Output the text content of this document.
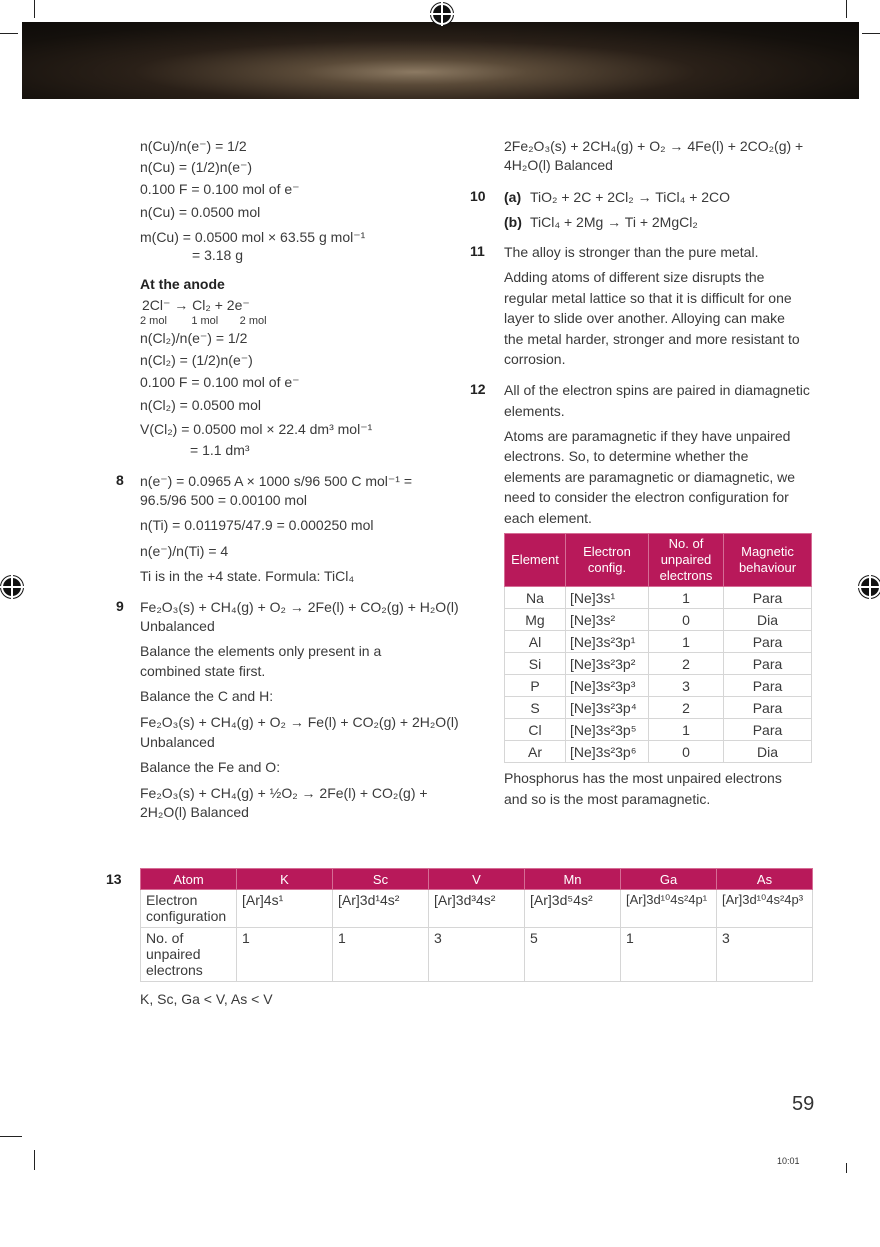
n(Cu)/n(e⁻) = 1/2
n(Cu) = (1/2)n(e⁻)
0.100 F = 0.100 mol of e⁻
n(Cu) = 0.0500 mol
m(Cu) = 0.0500 mol × 63.55 g mol⁻¹
= 3.18 g
At the anode
2Cl⁻ → Cl₂ + 2e⁻
2 mol        1 mol       2 mol
n(Cl₂)/n(e⁻) = 1/2
n(Cl₂) = (1/2)n(e⁻)
0.100 F = 0.100 mol of e⁻
n(Cl₂) = 0.0500 mol
V(Cl₂) = 0.0500 mol × 22.4 dm³ mol⁻¹
= 1.1 dm³
8 n(e⁻) = 0.0965 A × 1000 s/96 500 C mol⁻¹ =
96.5/96 500 = 0.00100 mol
n(Ti) = 0.011975/47.9 = 0.000250 mol
n(e⁻)/n(Ti) = 4
Ti is in the +4 state. Formula: TiCl₄
9 Fe₂O₃(s) + CH₄(g) + O₂ → 2Fe(l) + CO₂(g) + H₂O(l)
Unbalanced
Balance the elements only present in a
combined state first.
Balance the C and H:
Fe₂O₃(s) + CH₄(g) + O₂ → Fe(l) + CO₂(g) + 2H₂O(l)
Unbalanced
Balance the Fe and O:
Fe₂O₃(s) + CH₄(g) + ½O₂ → 2Fe(l) + CO₂(g) +
2H₂O(l) Balanced
2Fe₂O₃(s) + 2CH₄(g) + O₂ → 4Fe(l) + 2CO₂(g) +
4H₂O(l) Balanced
10 (a) TiO₂ + 2C + 2Cl₂ → TiCl₄ + 2CO
(b) TiCl₄ + 2Mg → Ti + 2MgCl₂
11 The alloy is stronger than the pure metal.
Adding atoms of different size disrupts the
regular metal lattice so that it is difficult for one
layer to slide over another. Alloying can make
the metal harder, stronger and more resistant to
corrosion.
12 All of the electron spins are paired in diamagnetic
elements.
Atoms are paramagnetic if they have unpaired
electrons. So, to determine whether the
elements are paramagnetic or diamagnetic, we
need to consider the electron configuration for
each element.
Element	Electron config.	No. of unpaired electrons	Magnetic behaviour
Na	[Ne]3s¹	1	Para
Mg	[Ne]3s²	0	Dia
Al	[Ne]3s²3p¹	1	Para
Si	[Ne]3s²3p²	2	Para
P	[Ne]3s²3p³	3	Para
S	[Ne]3s²3p⁴	2	Para
Cl	[Ne]3s²3p⁵	1	Para
Ar	[Ne]3s²3p⁶	0	Dia
Phosphorus has the most unpaired electrons
and so is the most paramagnetic.
13	Atom	K	Sc	V	Mn	Ga	As
Electron configuration	[Ar]4s¹	[Ar]3d¹4s²	[Ar]3d³4s²	[Ar]3d⁵4s²	[Ar]3d¹⁰4s²4p¹	[Ar]3d¹⁰4s²4p³
No. of unpaired electrons	1	1	3	5	1	3
K, Sc, Ga < V, As < V
59
10:01
